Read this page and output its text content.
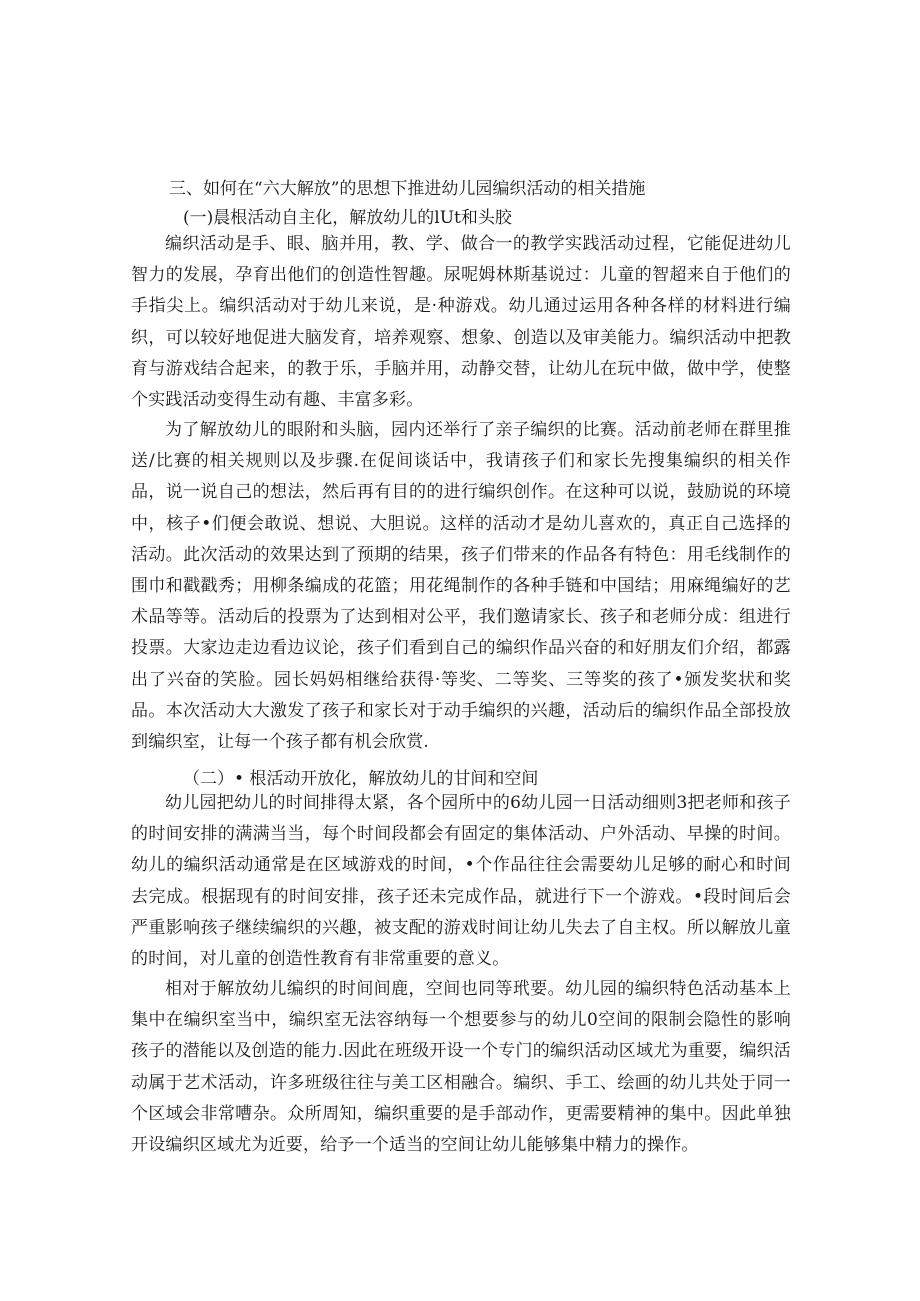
三、如何在“六大解放”的思想下推进幼儿园编织活动的相关措施
(一)晨根活动自主化，解放幼儿的lUt和头胶

编织活动是手、眼、脑并用，教、学、做合一的教学实践活动过程，它能促进幼儿智力的发展，孕育出他们的创造性智趣。尿呢姆林斯基说过：儿童的智超来自于他们的手指尖上。编织活动对于幼儿来说，是·种游戏。幼儿通过运用各种各样的材料进行编织，可以较好地促进大脑发育，培养观察、想象、创造以及审美能力。编织活动中把教育与游戏结合起来，的教于乐，手脑并用，动静交替，让幼儿在玩中做，做中学，使整个实践活动变得生动有趣、丰富多彩。

为了解放幼儿的眼附和头脑，园内还举行了亲子编织的比赛。活动前老师在群里推送/比赛的相关规则以及步骤.在促间谈话中，我请孩子们和家长先搜集编织的相关作品，说一说自己的想法，然后再有目的的进行编织创作。在这种可以说，鼓励说的环境中，核子•们便会敢说、想说、大胆说。这样的活动才是幼儿喜欢的，真正自己选择的活动。此次活动的效果达到了预期的结果，孩子们带来的作品各有特色：用毛线制作的围巾和戳戳秀；用柳条编成的花篮；用花绳制作的各种手链和中国结；用麻绳编好的艺术品等等。活动后的投票为了达到相对公平，我们邀请家长、孩子和老师分成：组进行投票。大家边走边看边议论，孩子们看到自己的编织作品兴奋的和好朋友们介绍，都露出了兴奋的笑脸。园长妈妈相继给获得·等奖、二等奖、三等奖的孩了•颁发奖状和奖品。本次活动大大激发了孩子和家长对于动手编织的兴趣，活动后的编织作品全部投放到编织室，让每一个孩子都有机会欣赏.

（二）• 根活动开放化，解放幼儿的甘间和空间

幼儿园把幼儿的时间排得太紧，各个园所中的6幼儿园一日活动细则3把老师和孩子的时间安排的满满当当，每个时间段都会有固定的集体活动、户外活动、早操的时间。幼儿的编织活动通常是在区域游戏的时间，•个作品往往会需要幼儿足够的耐心和时间去完成。根据现有的时间安排，孩子还未完成作品，就进行下一个游戏。•段时间后会严重影响孩子继续编织的兴趣，被支配的游戏时间让幼儿失去了自主权。所以解放儿童的时间，对儿童的创造性教育有非常重要的意义。

相对于解放幼儿编织的时间间鹿，空间也同等玳要。幼儿园的编织特色活动基本上集中在编织室当中，编织室无法容纳每一个想要参与的幼儿0空间的限制会隐性的影响孩子的潜能以及创造的能力.因此在班级开设一个专门的编织活动区域尤为重要，编织活动属于艺术活动，许多班级往往与美工区相融合。编织、手工、绘画的幼儿共处于同一个区域会非常嘈杂。众所周知，编织重要的是手部动作，更需要精神的集中。因此单独开设编织区域尤为近要，给予一个适当的空间让幼儿能够集中精力的操作。
